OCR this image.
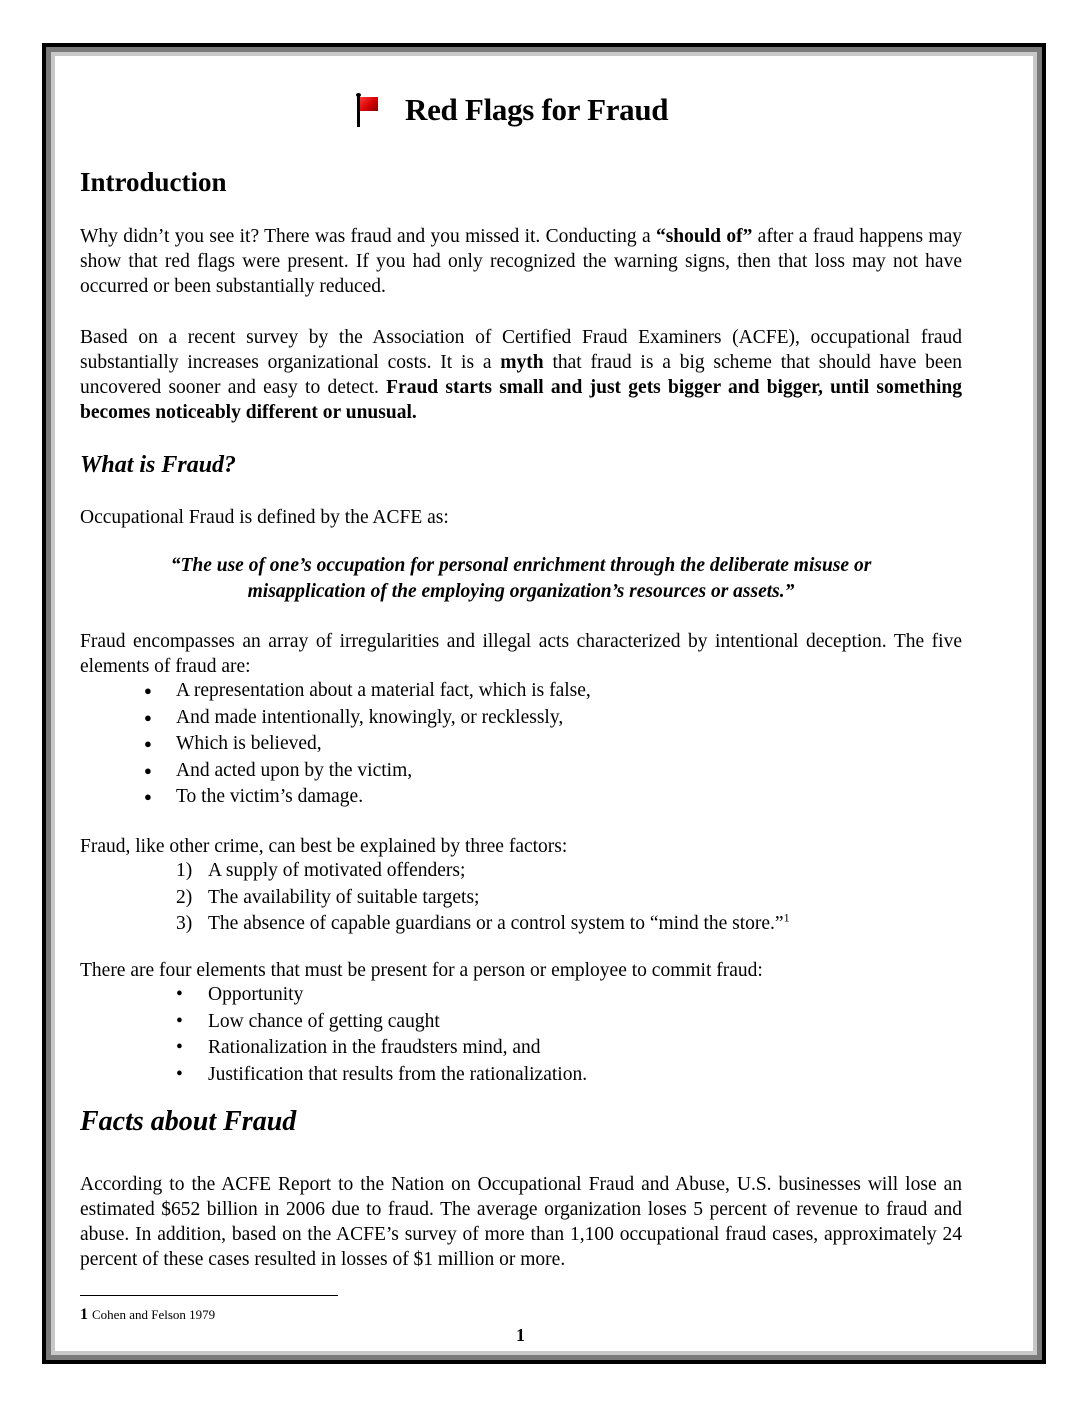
Red Flags for Fraud
Introduction

Why didn’t you see it? There was fraud and you missed it. Conducting a “should of” after a fraud happens may show that red flags were present. If you had only recognized the warning signs, then that loss may not have occurred or been substantially reduced.

Based on a recent survey by the Association of Certified Fraud Examiners (ACFE), occupational fraud substantially increases organizational costs. It is a myth that fraud is a big scheme that should have been uncovered sooner and easy to detect. Fraud starts small and just gets bigger and bigger, until something becomes noticeably different or unusual.

What is Fraud?

Occupational Fraud is defined by the ACFE as:

“The use of one’s occupation for personal enrichment through the deliberate misuse or
misapplication of the employing organization’s resources or assets.”

Fraud encompasses an array of irregularities and illegal acts characterized by intentional deception. The five elements of fraud are:

● A representation about a material fact, which is false,
● And made intentionally, knowingly, or recklessly,
● Which is believed,
● And acted upon by the victim,
● To the victim’s damage.

Fraud, like other crime, can best be explained by three factors:

1) A supply of motivated offenders;
2) The availability of suitable targets;
3) The absence of capable guardians or a control system to “mind the store.”$^1$

There are four elements that must be present for a person or employee to commit fraud:

• Opportunity
• Low chance of getting caught
• Rationalization in the fraudsters mind, and
• Justification that results from the rationalization.
Facts about Fraud

According to the ACFE Report to the Nation on Occupational Fraud and Abuse, U.S. businesses will lose an estimated $652 billion in 2006 due to fraud. The average organization loses 5 percent of revenue to fraud and abuse. In addition, based on the ACFE’s survey of more than 1,100 occupational fraud cases, approximately 24 percent of these cases resulted in losses of $1 million or more.

1 Cohen and Felson 1979
1
